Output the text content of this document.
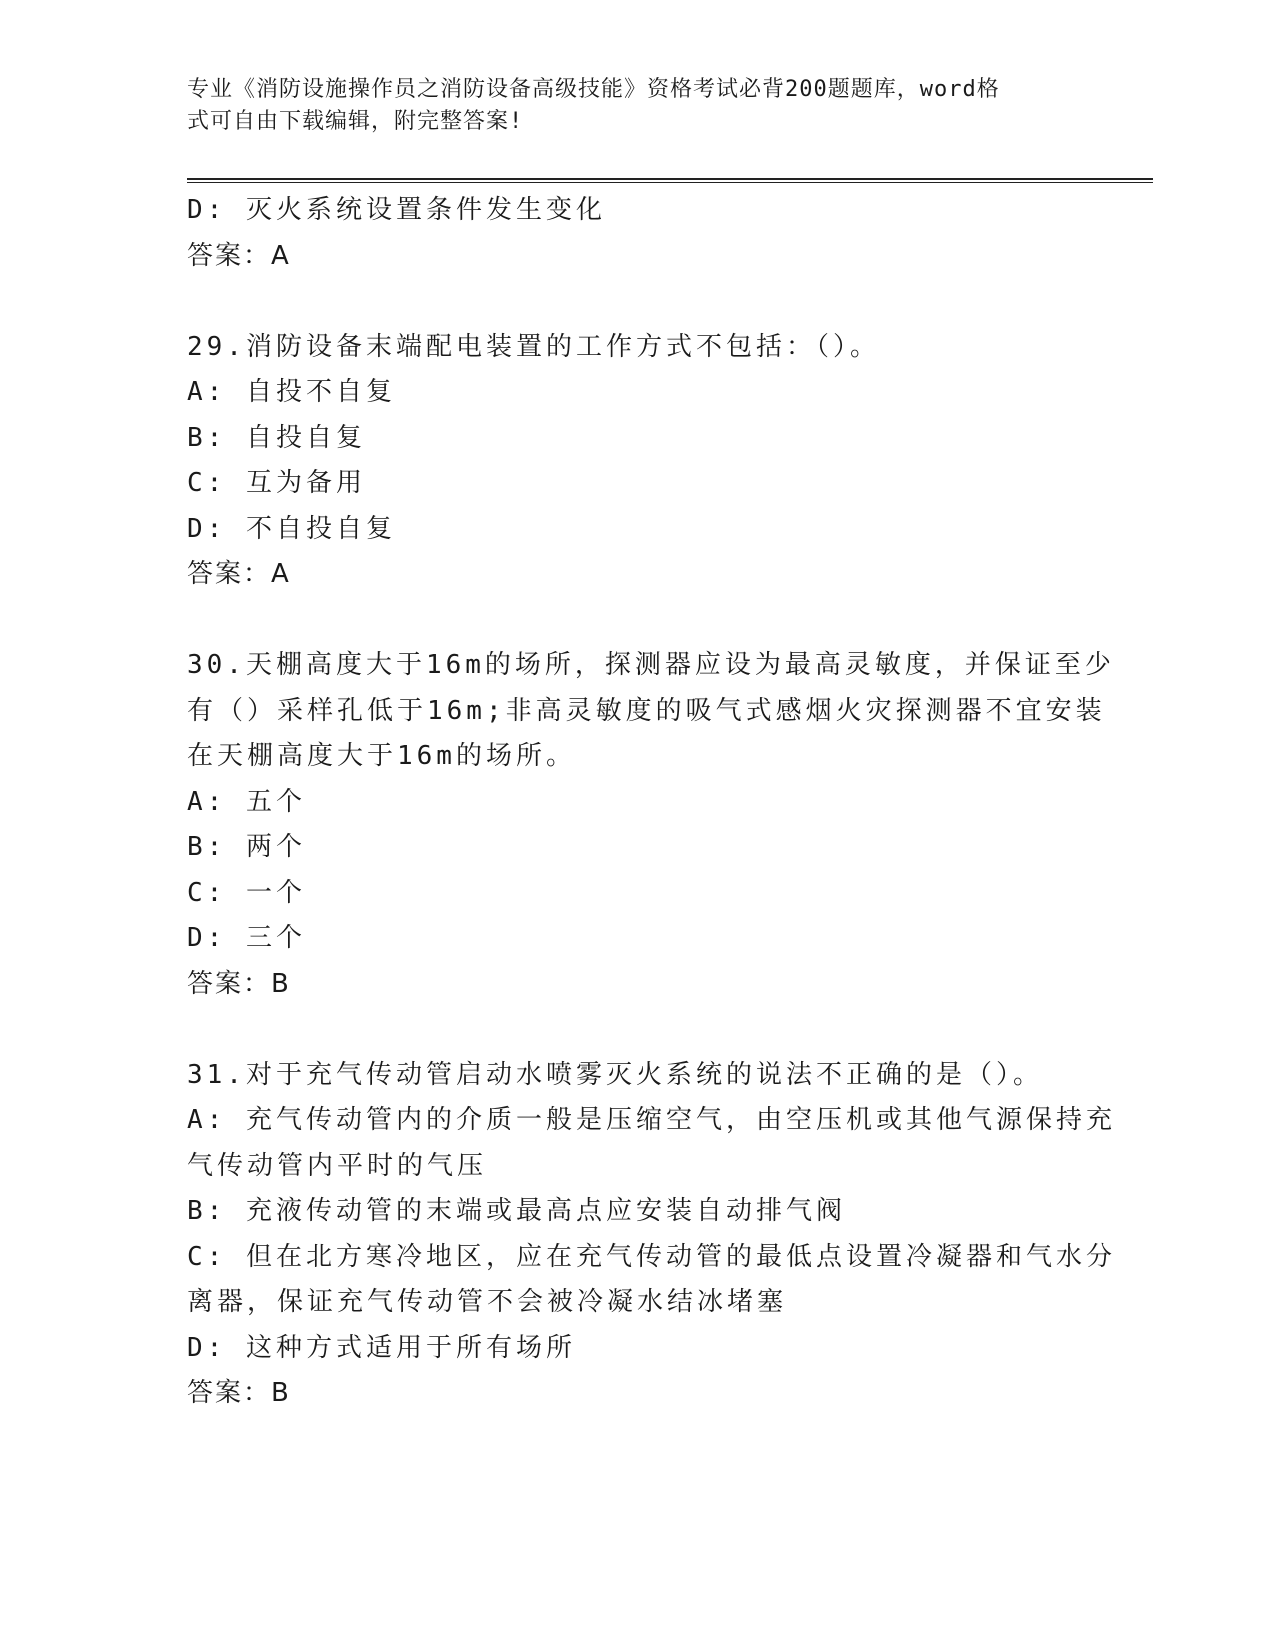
专业《消防设施操作员之消防设备高级技能》资格考试必背200题题库，word格
式可自由下载编辑，附完整答案!
D: 灭火系统设置条件发生变化
答案：A
29.消防设备末端配电装置的工作方式不包括：（）。
A: 自投不自复
B: 自投自复
C: 互为备用
D: 不自投自复
答案：A
30.天棚高度大于16m的场所，探测器应设为最高灵敏度，并保证至少
有（）采样孔低于16m;非高灵敏度的吸气式感烟火灾探测器不宜安装
在天棚高度大于16m的场所。
A: 五个
B: 两个
C: 一个
D: 三个
答案：B
31.对于充气传动管启动水喷雾灭火系统的说法不正确的是（）。
A: 充气传动管内的介质一般是压缩空气，由空压机或其他气源保持充
气传动管内平时的气压
B: 充液传动管的末端或最高点应安装自动排气阀
C: 但在北方寒冷地区，应在充气传动管的最低点设置冷凝器和气水分
离器，保证充气传动管不会被冷凝水结冰堵塞
D: 这种方式适用于所有场所
答案：B
